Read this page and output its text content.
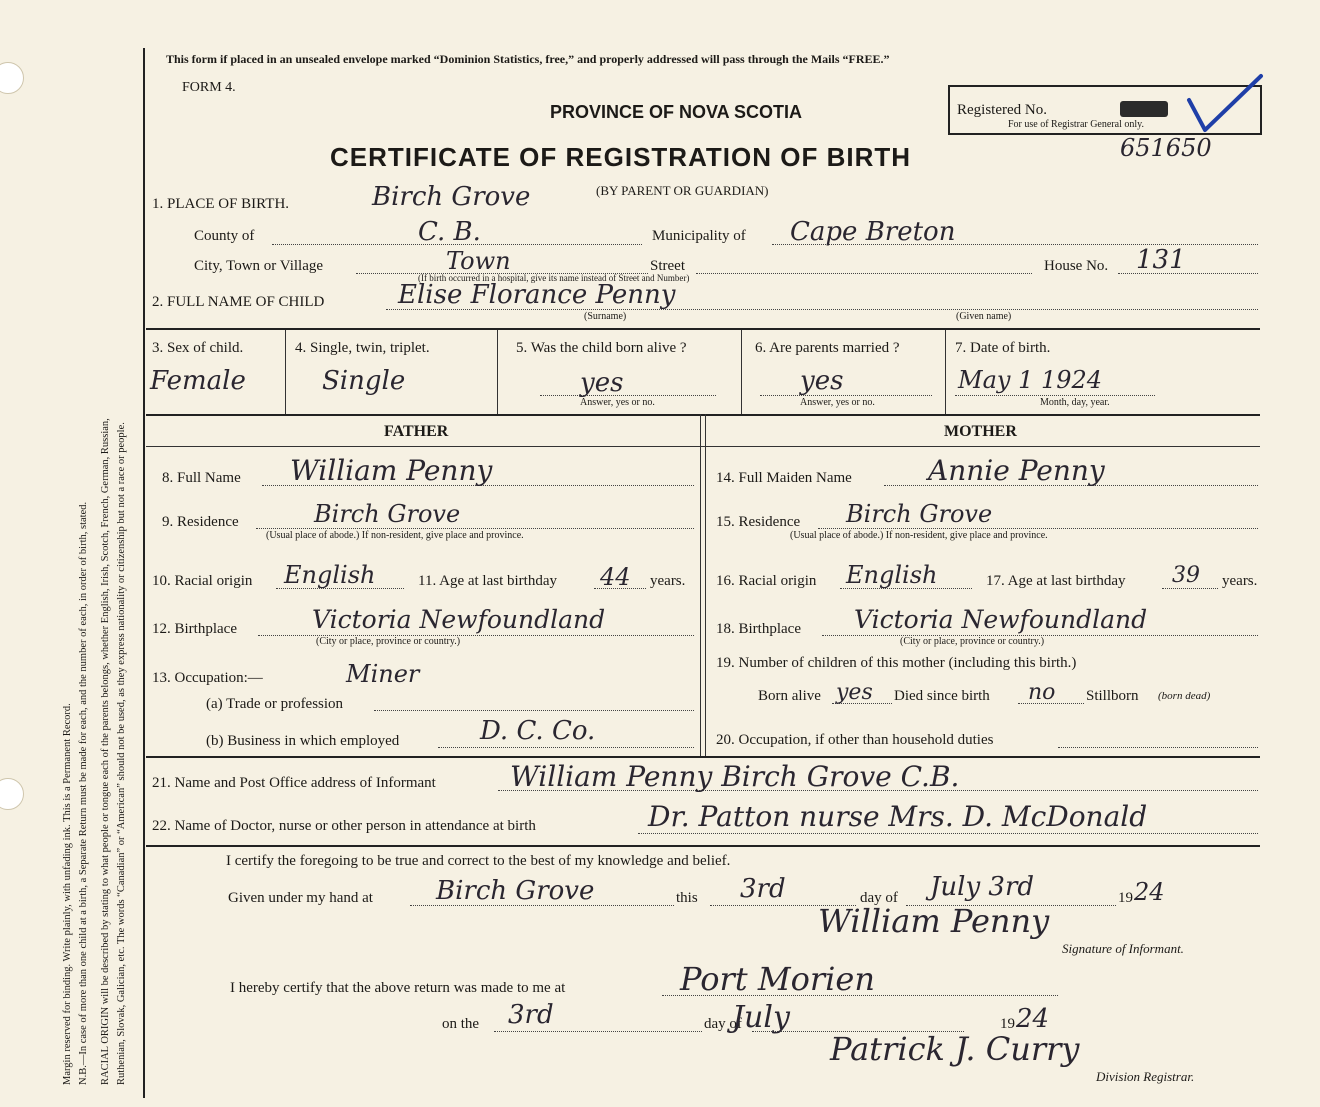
Margin reserved for binding. Write plainly, with unfading ink. This is a Permanent Record. N.B.—In case of more than one child at a birth, a Separate Return must be made for each, and the number of each, in order of birth, stated. RACIAL ORIGIN will be described by stating to what people or tongue each of the parents belongs, whether English, Irish, Scotch, French, German, Russian, Ruthenian, Slovak, Galician, etc. The words “Canadian” or “American” should not be used, as they express nationality or citizenship but not a race or people.
This form if placed in an unsealed envelope marked “Dominion Statistics, free,” and properly addressed will pass through the Mails “FREE.”
FORM 4.
PROVINCE OF NOVA SCOTIA
CERTIFICATE OF REGISTRATION OF BIRTH
Registered No.
For use of Registrar General only.
651650
1. PLACE OF BIRTH.	Birch Grove	(BY PARENT OR GUARDIAN)
County of	C. B.	Municipality of Cape Breton
City, Town or Village	Town	Street
(If birth occurred in a hospital, give its name instead of Street and Number)
House No. 131
2. FULL NAME OF CHILD	Elise Florance Penny
(Surname)	(Given name)
3. Sex of child.
Female
4. Single, twin, triplet.
Single
5. Was the child born alive ?
yes
Answer, yes or no.
6. Are parents married ?
yes
Answer, yes or no.
7. Date of birth.
May 1 1924
Month, day, year.
FATHER	MOTHER
8. Full Name William Penny
9. Residence	Birch Grove
(Usual place of abode.) If non-resident, give place and province.
10. Racial origin English	11. Age at last birthday 44 years.
12. Birthplace	Victoria Newfoundland
(City or place, province or country.)
13. Occupation:—	Miner
(a) Trade or profession
(b) Business in which employed	D. C. Co.
14. Full Maiden Name	Annie Penny
15. Residence Birch Grove
(Usual place of abode.) If non-resident, give place and province.
16. Racial origin English	17. Age at last birthday 39 years.
18. Birthplace Victoria Newfoundland
(City or place, province or country.)
19. Number of children of this mother (including this birth.)
Born alive yes Died since birth no Stillborn (born dead)
20. Occupation, if other than household duties
21. Name and Post Office address of Informant	William Penny Birch Grove C.B.
22. Name of Doctor, nurse or other person in attendance at birth	Dr. Patton nurse Mrs. D. McDonald
I certify the foregoing to be true and correct to the best of my knowledge and belief.
Given under my hand at Birch Grove	this 3rd	day of July 3rd	19 24
William Penny
Signature of Informant.
I hereby certify that the above return was made to me at	Port Morien
on the 3rd	day of
July	19 24
Patrick J. Curry
Division Registrar.
